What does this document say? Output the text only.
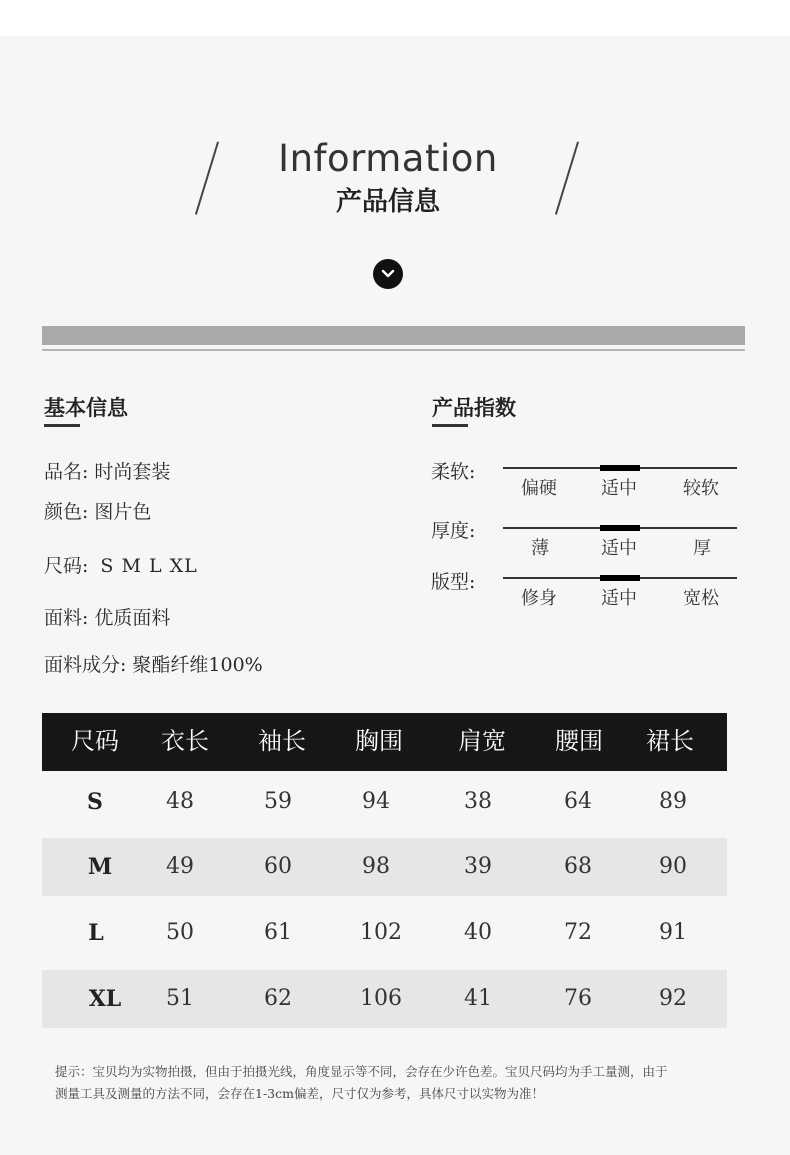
Information
产品信息
基本信息
品名: 时尚套装
颜色: 图片色
尺码: S M L XL
面料: 优质面料
面料成分: 聚酯纤维100%
产品指数
柔软:
偏硬 适中	较软
厚度:
薄	适中	厚
版型:
修身 适中	宽松
尺码 衣长 袖长 胸围 肩宽 腰围 裙长
S	48	59	94	38	64	89
M 49	60	98	39	68	90
L	50	61	102	40	72	91
XL 51	62	106	41	76	92
提示：宝贝均为实物拍摄，但由于拍摄光线，角度显示等不同，会存在少许色差。宝贝尺码均为手工量测，由于
测量工具及测量的方法不同，会存在1-3cm偏差，尺寸仅为参考，具体尺寸以实物为准！
